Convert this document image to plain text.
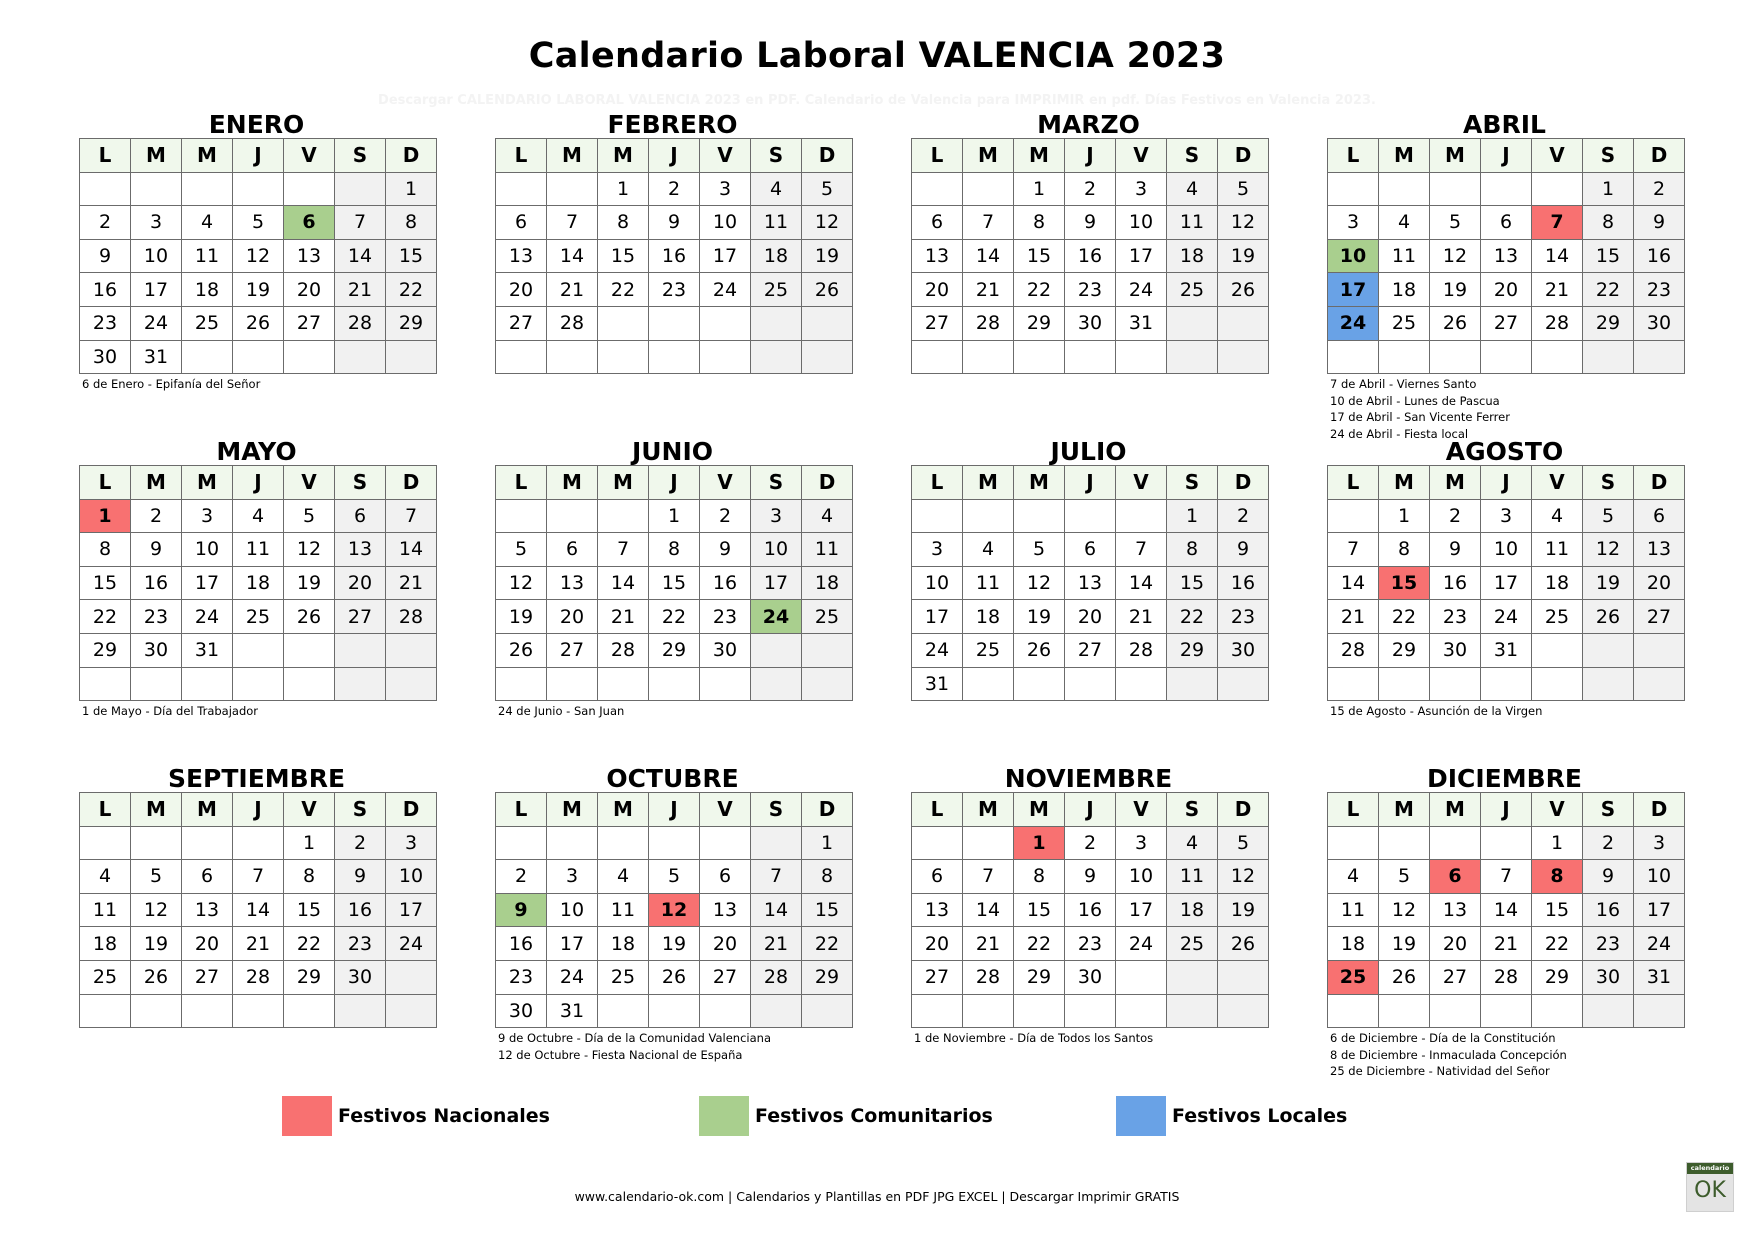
Calendario Laboral VALENCIA 2023
Descargar CALENDARIO LABORAL VALENCIA 2023 en PDF. Calendario de Valencia para IMPRIMIR en pdf. Días Festivos en Valencia 2023.
ENERO
L	M	M	J	V	S	D
						1
2	3	4	5	6	7	8
9	10	11	12	13	14	15
16	17	18	19	20	21	22
23	24	25	26	27	28	29
30	31					
6 de Enero - Epifanía del Señor
FEBRERO
L	M	M	J	V	S	D
		1	2	3	4	5
6	7	8	9	10	11	12
13	14	15	16	17	18	19
20	21	22	23	24	25	26
27	28					

MARZO
L	M	M	J	V	S	D
		1	2	3	4	5
6	7	8	9	10	11	12
13	14	15	16	17	18	19
20	21	22	23	24	25	26
27	28	29	30	31		

ABRIL
L	M	M	J	V	S	D
					1	2
3	4	5	6	7	8	9
10	11	12	13	14	15	16
17	18	19	20	21	22	23
24	25	26	27	28	29	30

7 de Abril - Viernes Santo
10 de Abril - Lunes de Pascua
17 de Abril - San Vicente Ferrer
24 de Abril - Fiesta local
MAYO
L	M	M	J	V	S	D
1	2	3	4	5	6	7
8	9	10	11	12	13	14
15	16	17	18	19	20	21
22	23	24	25	26	27	28
29	30	31				

1 de Mayo - Día del Trabajador
JUNIO
L	M	M	J	V	S	D
			1	2	3	4
5	6	7	8	9	10	11
12	13	14	15	16	17	18
19	20	21	22	23	24	25
26	27	28	29	30		

24 de Junio - San Juan
JULIO
L	M	M	J	V	S	D
					1	2
3	4	5	6	7	8	9
10	11	12	13	14	15	16
17	18	19	20	21	22	23
24	25	26	27	28	29	30
31						
AGOSTO
L	M	M	J	V	S	D
	1	2	3	4	5	6
7	8	9	10	11	12	13
14	15	16	17	18	19	20
21	22	23	24	25	26	27
28	29	30	31			

15 de Agosto - Asunción de la Virgen
SEPTIEMBRE
L	M	M	J	V	S	D
				1	2	3
4	5	6	7	8	9	10
11	12	13	14	15	16	17
18	19	20	21	22	23	24
25	26	27	28	29	30	

OCTUBRE
L	M	M	J	V	S	D
						1
2	3	4	5	6	7	8
9	10	11	12	13	14	15
16	17	18	19	20	21	22
23	24	25	26	27	28	29
30	31					
9 de Octubre - Día de la Comunidad Valenciana
12 de Octubre - Fiesta Nacional de España
NOVIEMBRE
L	M	M	J	V	S	D
		1	2	3	4	5
6	7	8	9	10	11	12
13	14	15	16	17	18	19
20	21	22	23	24	25	26
27	28	29	30			

1 de Noviembre - Día de Todos los Santos
DICIEMBRE
L	M	M	J	V	S	D
				1	2	3
4	5	6	7	8	9	10
11	12	13	14	15	16	17
18	19	20	21	22	23	24
25	26	27	28	29	30	31

6 de Diciembre - Día de la Constitución
8 de Diciembre - Inmaculada Concepción
25 de Diciembre - Natividad del Señor
Festivos Nacionales	Festivos Comunitarios	Festivos Locales
www.calendario-ok.com | Calendarios y Plantillas en PDF JPG EXCEL | Descargar Imprimir GRATIS
calendario
OK
